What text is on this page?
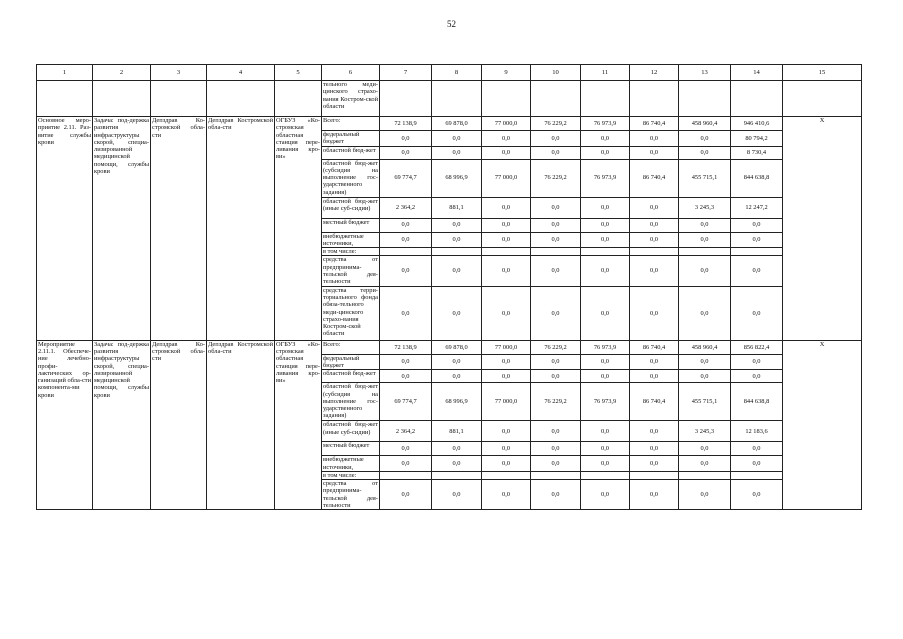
52
1	2	3	4	5	6	7	8	9	10	11	12	13	14	15
					тельного меди-цинского страхо-вания Костром-ской области									
Основное меро-приятие 2.11. Раз-витие службы крови	Задача: под-держка развития инфраструктуры скорой, специа-лизированной медицинской помощи, службы крови	Депздрав Ко-стромской обла-сти	Депздрав Костромской обла-сти	ОГБУЗ «Ко-стромская областная станция пере-ливания кро-ви»	Всего:	72 138,9	69 878,0	77 000,0	76 229,2	76 973,9	86 740,4	458 960,4	946 410,6	Х
					федеральный бюджет	0,0	0,0	0,0	0,0	0,0	0,0	0,0	80 794,2	
					областной бюд-жет	0,0	0,0	0,0	0,0	0,0	0,0	0,0	8 730,4	
					областной бюд-жет (субсидия на выполнение гос-ударственного задания)	69 774,7	68 996,9	77 000,0	76 229,2	76 973,9	86 740,4	455 715,1	844 638,8	
					областной бюд-жет (иные суб-сидии)	2 364,2	881,1	0,0	0,0	0,0	0,0	3 245,3	12 247,2	
					местный бюджет	0,0	0,0	0,0	0,0	0,0	0,0	0,0	0,0	
					внебюджетные источники,	0,0	0,0	0,0	0,0	0,0	0,0	0,0	0,0	
					в том числе:									
					средства от предпринима-тельской дея-тельности	0,0	0,0	0,0	0,0	0,0	0,0	0,0	0,0	
					средства терри-ториального фонда обяза-тельного меди-цинского страхо-вания Костром-ской области	0,0	0,0	0,0	0,0	0,0	0,0	0,0	0,0	
Мероприятие 2.11.1. Обеспече-ние лечебно-профи-лактических ор-ганизаций обла-сти компонента-ми крови	Задача: под-держка развития инфраструктуры скорой, специа-лизированной медицинской помощи, службы крови	Депздрав Ко-стромской обла-сти	Депздрав Костромской обла-сти	ОГБУЗ «Ко-стромская областная станция пере-ливания кро-ви»	Всего:	72 138,9	69 878,0	77 000,0	76 229,2	76 973,9	86 740,4	458 960,4	856 822,4	Х
					федеральный бюджет	0,0	0,0	0,0	0,0	0,0	0,0	0,0	0,0	
					областной бюд-жет	0,0	0,0	0,0	0,0	0,0	0,0	0,0	0,0	
					областной бюд-жет (субсидия на выполнение гос-ударственного задания)	69 774,7	68 996,9	77 000,0	76 229,2	76 973,9	86 740,4	455 715,1	844 638,8	
					областной бюд-жет (иные суб-сидии)	2 364,2	881,1	0,0	0,0	0,0	0,0	3 245,3	12 183,6	
					местный бюджет	0,0	0,0	0,0	0,0	0,0	0,0	0,0	0,0	
					внебюджетные источники,	0,0	0,0	0,0	0,0	0,0	0,0	0,0	0,0	
					в том числе:									
					средства от предпринима-тельской дея-тельности	0,0	0,0	0,0	0,0	0,0	0,0	0,0	0,0	
